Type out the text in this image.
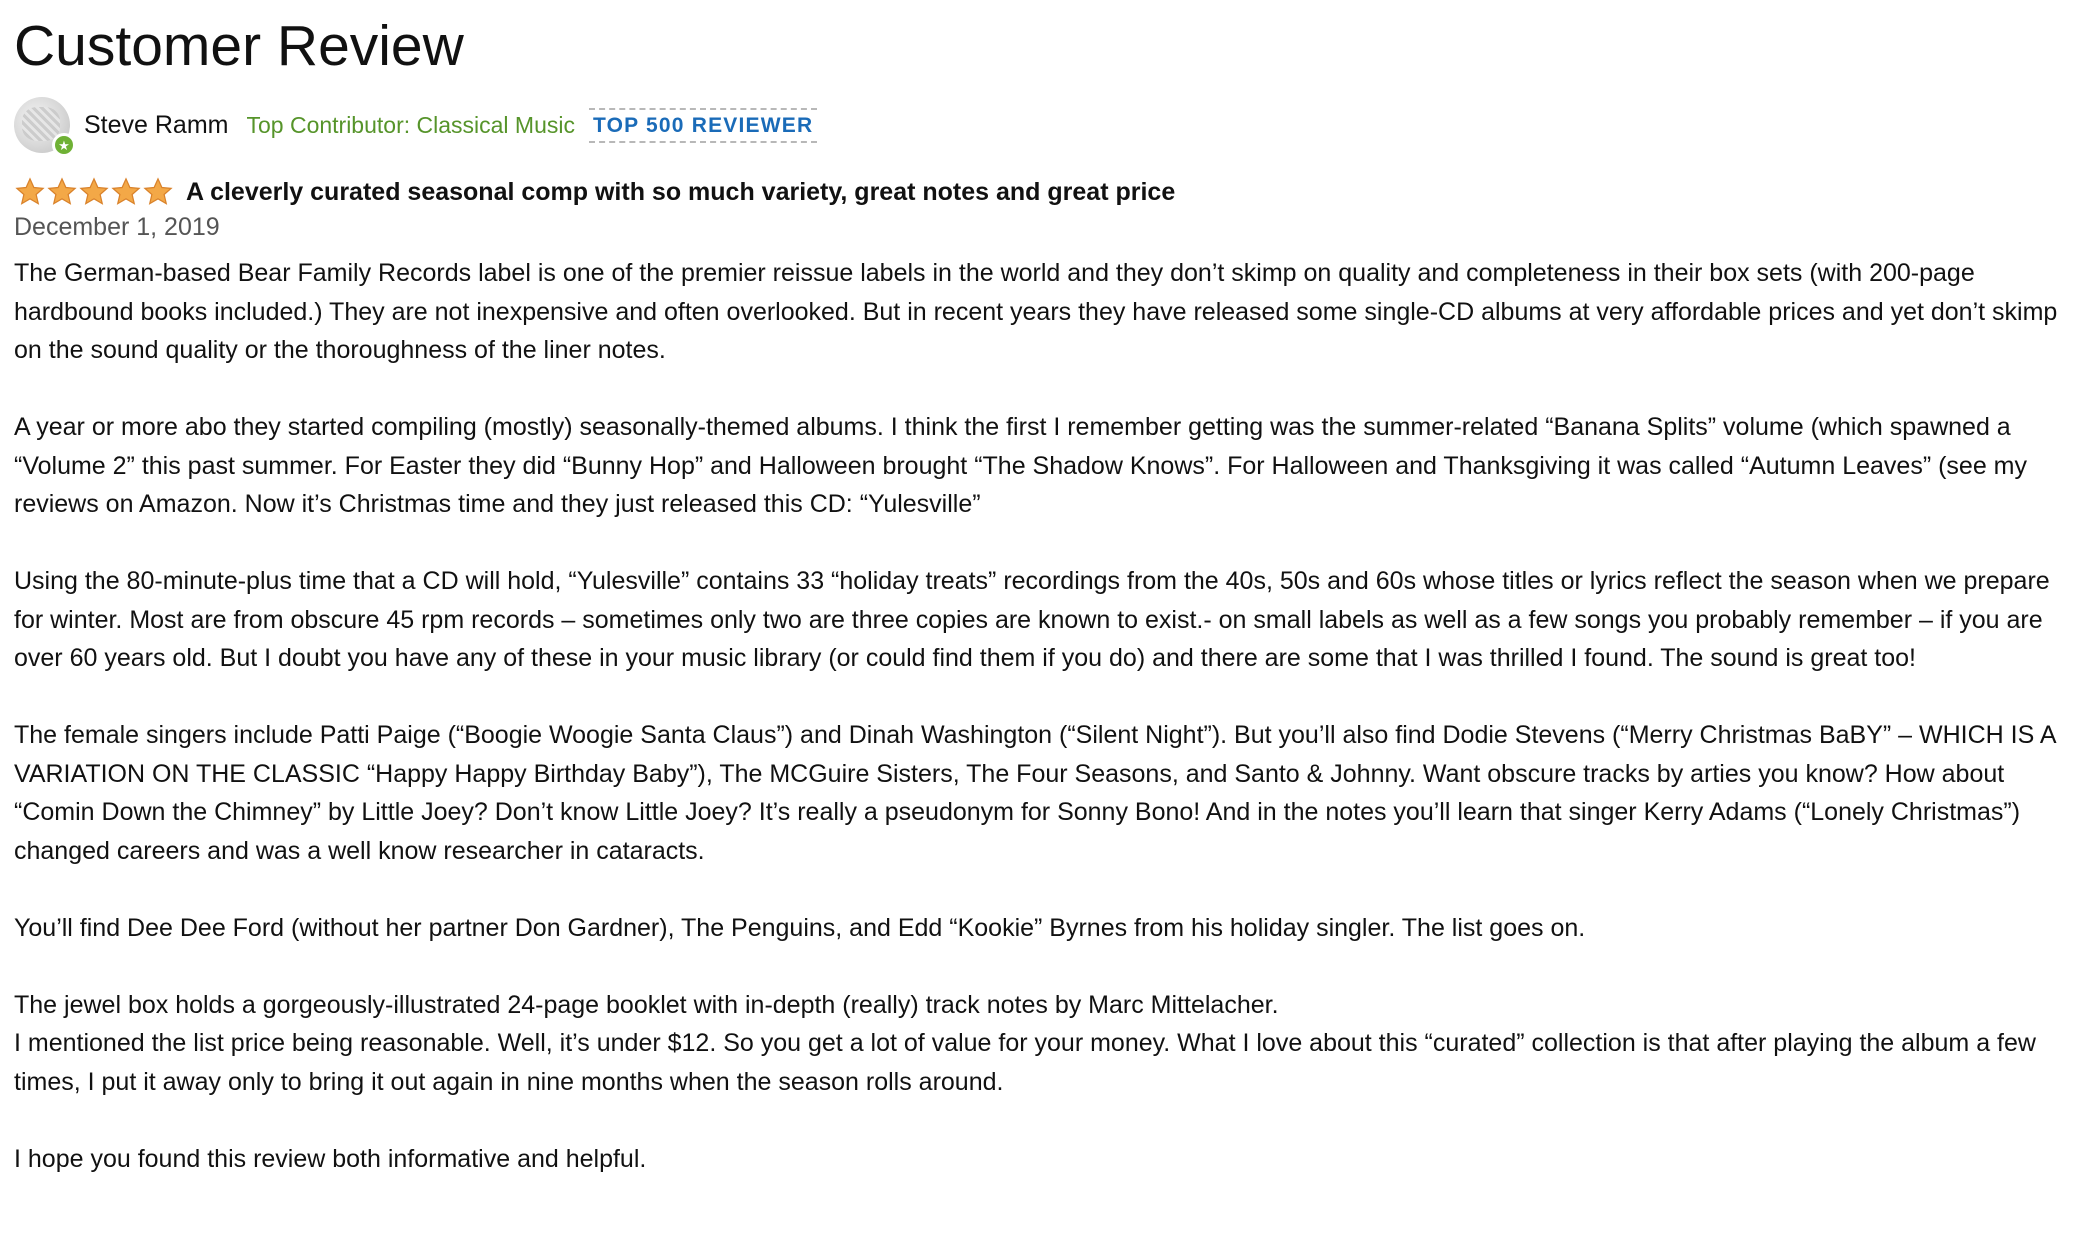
Customer Review
★
Steve Ramm Top Contributor: Classical Music TOP 500 REVIEWER
A cleverly curated seasonal comp with so much variety, great notes and great price
December 1, 2019

The German-based Bear Family Records label is one of the premier reissue labels in the world and they don’t skimp on quality and completeness in their box sets (with 200-page hardbound books included.) They are not inexpensive and often overlooked. But in recent years they have released some single-CD albums at very affordable prices and yet don’t skimp on the sound quality or the thoroughness of the liner notes.

A year or more abo they started compiling (mostly) seasonally-themed albums. I think the first I remember getting was the summer-related “Banana Splits” volume (which spawned a “Volume 2” this past summer. For Easter they did “Bunny Hop” and Halloween brought “The Shadow Knows”. For Halloween and Thanksgiving it was called “Autumn Leaves” (see my reviews on Amazon. Now it’s Christmas time and they just released this CD: “Yulesville”

Using the 80-minute-plus time that a CD will hold, “Yulesville” contains 33 “holiday treats” recordings from the 40s, 50s and 60s whose titles or lyrics reflect the season when we prepare for winter. Most are from obscure 45 rpm records – sometimes only two are three copies are known to exist.- on small labels as well as a few songs you probably remember – if you are over 60 years old. But I doubt you have any of these in your music library (or could find them if you do) and there are some that I was thrilled I found. The sound is great too!

The female singers include Patti Paige (“Boogie Woogie Santa Claus”) and Dinah Washington (“Silent Night”). But you’ll also find Dodie Stevens (“Merry Christmas BaBY” – WHICH IS A VARIATION ON THE CLASSIC “Happy Happy Birthday Baby”), The MCGuire Sisters, The Four Seasons, and Santo & Johnny. Want obscure tracks by arties you know? How about “Comin Down the Chimney” by Little Joey? Don’t know Little Joey? It’s really a pseudonym for Sonny Bono! And in the notes you’ll learn that singer Kerry Adams (“Lonely Christmas”) changed careers and was a well know researcher in cataracts.

You’ll find Dee Dee Ford (without her partner Don Gardner), The Penguins, and Edd “Kookie” Byrnes from his holiday singler. The list goes on.

The jewel box holds a gorgeously-illustrated 24-page booklet with in-depth (really) track notes by Marc Mittelacher.

I mentioned the list price being reasonable. Well, it’s under $12. So you get a lot of value for your money. What I love about this “curated” collection is that after playing the album a few times, I put it away only to bring it out again in nine months when the season rolls around.

I hope you found this review both informative and helpful.
